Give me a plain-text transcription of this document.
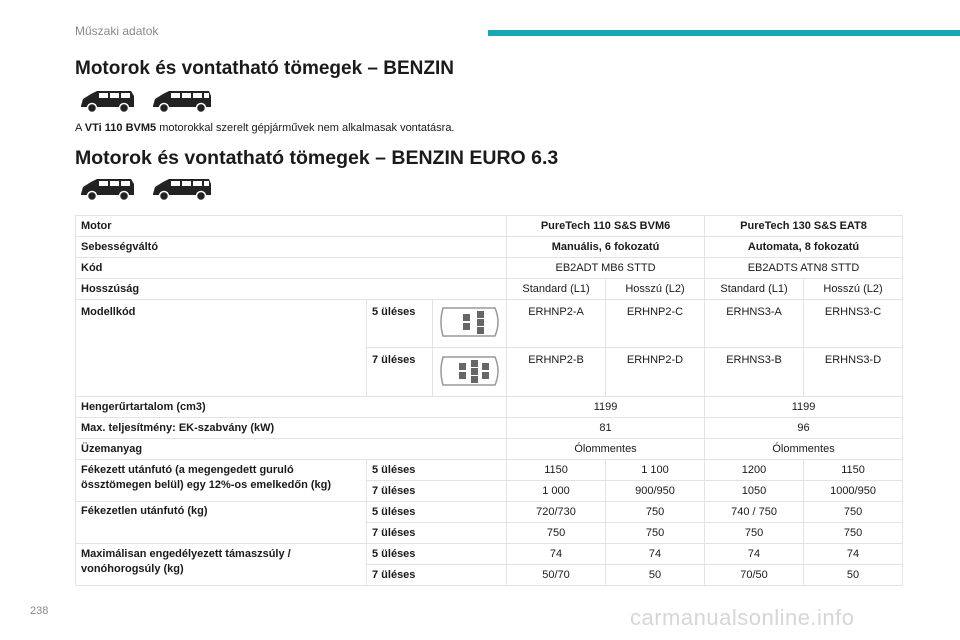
Műszaki adatok
Motorok és vontatható tömegek – BENZIN
A VTi 110 BVM5 motorokkal szerelt gépjárművek nem alkalmasak vontatásra.
Motorok és vontatható tömegek – BENZIN EURO 6.3
Motor			PureTech 110 S&S BVM6		PureTech 130 S&S EAT8	
Sebességváltó			Manuális, 6 fokozatú		Automata, 8 fokozatú	
Kód			EB2ADT MB6 STTD		EB2ADTS ATN8 STTD	
Hosszúság			Standard (L1)	Hosszú (L2)	Standard (L1)	Hosszú (L2)
Modellkód	5 üléses		ERHNP2-A	ERHNP2-C	ERHNS3-A	ERHNS3-C
	7 üléses		ERHNP2-B	ERHNP2-D	ERHNS3-B	ERHNS3-D
Hengerűrtartalom (cm3)			1199		1199	
Max. teljesítmény: EK-szabvány (kW)			81		96	
Üzemanyag			Ólommentes		Ólommentes	
Fékezett utánfutó (a megengedett guruló össztömegen belül) egy 12%-os emelkedőn (kg)	5 üléses		1150	1 100	1200	1150
	7 üléses		1 000	900/950	1050	1000/950
Fékezetlen utánfutó (kg)	5 üléses		720/730	750	740 / 750	750
	7 üléses		750	750	750	750
Maximálisan engedélyezett támaszsúly / vonóhorogsúly (kg)	5 üléses		74	74	74	74
	7 üléses		50/70	50	70/50	50
238	carmanualsonline.info
